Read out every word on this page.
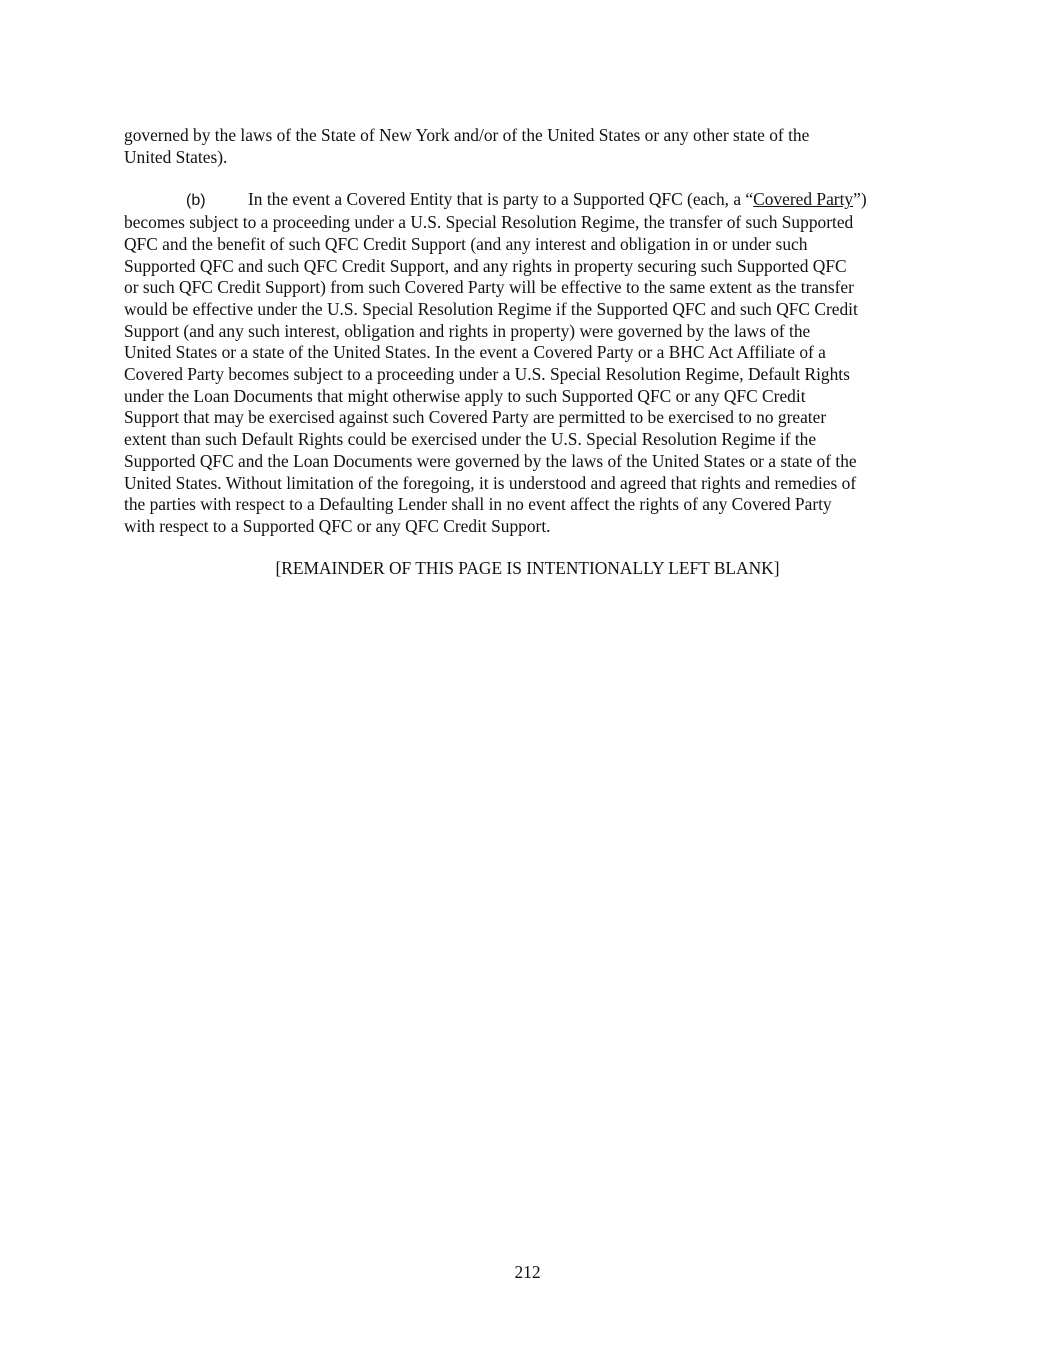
governed by the laws of the State of New York and/or of the United States or any other state of the
United States).
(b) In the event a Covered Entity that is party to a Supported QFC (each, a “Covered Party”)
becomes subject to a proceeding under a U.S. Special Resolution Regime, the transfer of such Supported
QFC and the benefit of such QFC Credit Support (and any interest and obligation in or under such
Supported QFC and such QFC Credit Support, and any rights in property securing such Supported QFC
or such QFC Credit Support) from such Covered Party will be effective to the same extent as the transfer
would be effective under the U.S. Special Resolution Regime if the Supported QFC and such QFC Credit
Support (and any such interest, obligation and rights in property) were governed by the laws of the
United States or a state of the United States. In the event a Covered Party or a BHC Act Affiliate of a
Covered Party becomes subject to a proceeding under a U.S. Special Resolution Regime, Default Rights
under the Loan Documents that might otherwise apply to such Supported QFC or any QFC Credit
Support that may be exercised against such Covered Party are permitted to be exercised to no greater
extent than such Default Rights could be exercised under the U.S. Special Resolution Regime if the
Supported QFC and the Loan Documents were governed by the laws of the United States or a state of the
United States. Without limitation of the foregoing, it is understood and agreed that rights and remedies of
the parties with respect to a Defaulting Lender shall in no event affect the rights of any Covered Party
with respect to a Supported QFC or any QFC Credit Support.
[REMAINDER OF THIS PAGE IS INTENTIONALLY LEFT BLANK]
212
